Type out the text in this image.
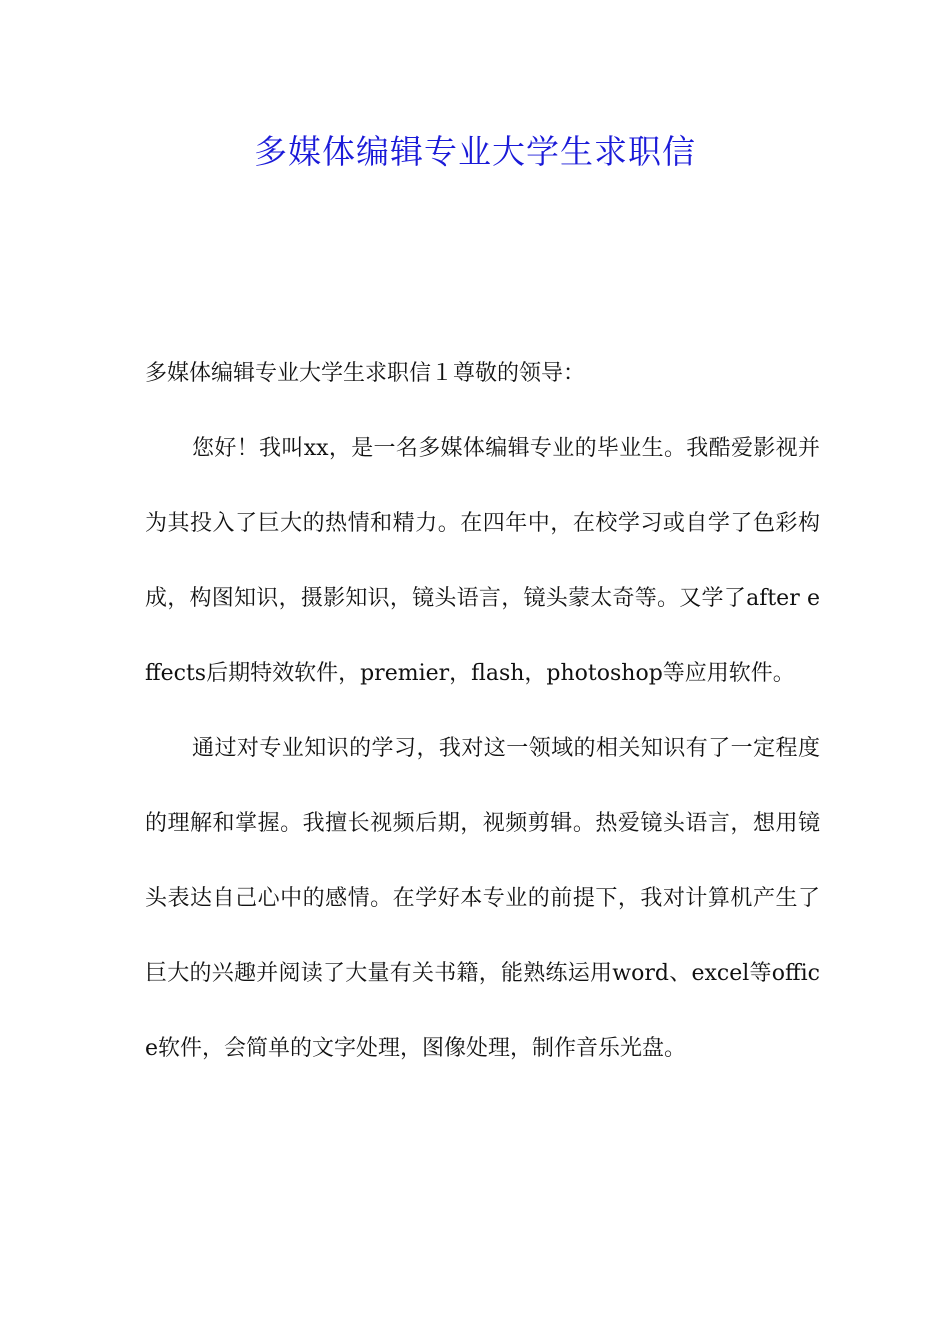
多媒体编辑专业大学生求职信

多媒体编辑专业大学生求职信１尊敬的领导：

您好！我叫xx，是一名多媒体编辑专业的毕业生。我酷爱影视并为其投入了巨大的热情和精力。在四年中，在校学习或自学了色彩构成，构图知识，摄影知识，镜头语言，镜头蒙太奇等。又学了after effects后期特效软件，premier，flash，photoshop等应用软件。

通过对专业知识的学习，我对这一领域的相关知识有了一定程度的理解和掌握。我擅长视频后期，视频剪辑。热爱镜头语言，想用镜头表达自己心中的感情。在学好本专业的前提下，我对计算机产生了巨大的兴趣并阅读了大量有关书籍，能熟练运用word、excel等office软件，会简单的文字处理，图像处理，制作音乐光盘。
